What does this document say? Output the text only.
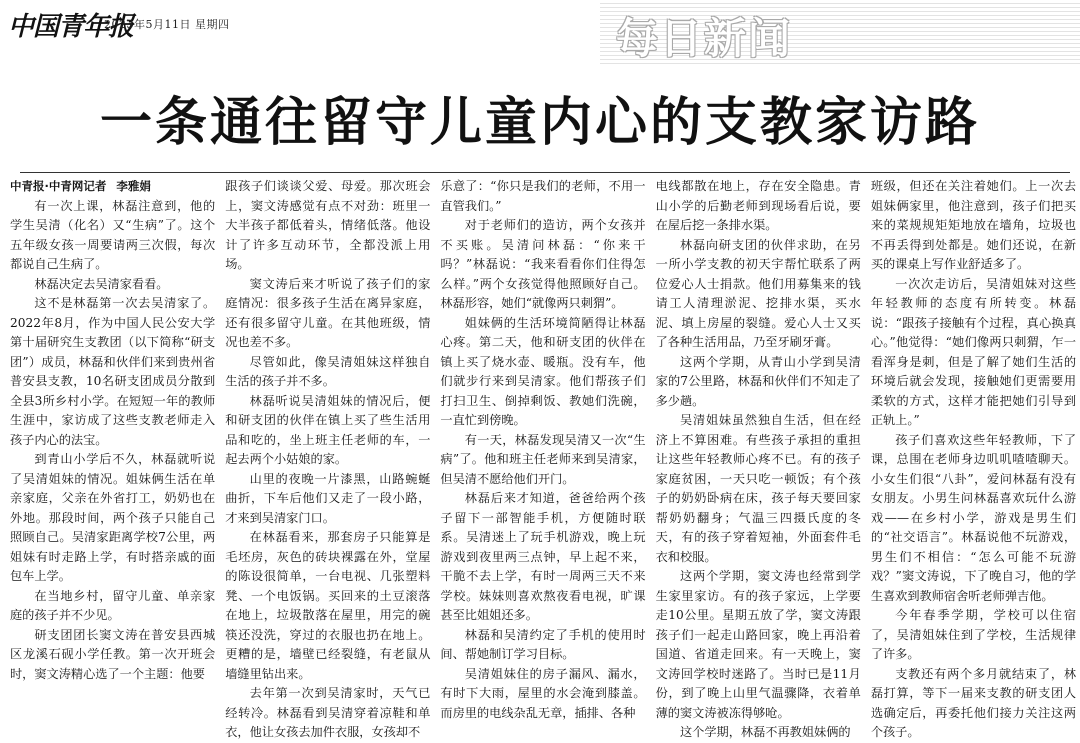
中国青年报
2023年5月11日 星期四	每日新闻
一条通往留守儿童内心的支教家访路

中青报·中青网记者 李雅娟

有一次上课，林磊注意到，他的学生吴清（化名）又“生病”了。这个五年级女孩一周要请两三次假，每次都说自己生病了。

林磊决定去吴清家看看。

这不是林磊第一次去吴清家了。2022年8月，作为中国人民公安大学第十届研究生支教团（以下简称“研支团”）成员，林磊和伙伴们来到贵州省普安县支教，10名研支团成员分散到全县3所乡村小学。在短短一年的教师生涯中，家访成了这些支教老师走入孩子内心的法宝。

到青山小学后不久，林磊就听说了吴清姐妹的情况。姐妹俩生活在单亲家庭，父亲在外省打工，奶奶也在外地。那段时间，两个孩子只能自己照顾自己。吴清家距离学校7公里，两姐妹有时走路上学，有时搭亲戚的面包车上学。

在当地乡村，留守儿童、单亲家庭的孩子并不少见。

研支团团长窦文涛在普安县西城区龙溪石砚小学任教。第一次开班会时，窦文涛精心选了一个主题：他要

跟孩子们谈谈父爱、母爱。那次班会上，窦文涛感觉有点不对劲：班里一大半孩子都低着头，情绪低落。他设计了许多互动环节，全都没派上用场。

窦文涛后来才听说了孩子们的家庭情况：很多孩子生活在离异家庭，还有很多留守儿童。在其他班级，情况也差不多。

尽管如此，像吴清姐妹这样独自生活的孩子并不多。

林磊听说吴清姐妹的情况后，便和研支团的伙伴在镇上买了些生活用品和吃的，坐上班主任老师的车，一起去两个小姑娘的家。

山里的夜晚一片漆黑，山路蜿蜒曲折，下车后他们又走了一段小路，才来到吴清家门口。

在林磊看来，那套房子只能算是毛坯房，灰色的砖块裸露在外，堂屋的陈设很简单，一台电视、几张塑料凳、一个电饭锅。买回来的土豆滚落在地上，垃圾散落在屋里，用完的碗筷还没洗，穿过的衣服也扔在地上。更糟的是，墙壁已经裂缝，有老鼠从墙缝里钻出来。

去年第一次到吴清家时，天气已经转冷。林磊看到吴清穿着凉鞋和单衣，他让女孩去加件衣服，女孩却不

乐意了：“你只是我们的老师，不用一直管我们。”

对于老师们的造访，两个女孩并不买账。吴清问林磊：“你来干吗？”林磊说：“我来看看你们住得怎么样。”两个女孩觉得他照顾好自己。林磊形容，她们“就像两只刺猬”。

姐妹俩的生活环境简陋得让林磊心疼。第二天，他和研支团的伙伴在镇上买了烧水壶、暖瓶。没有车，他们就步行来到吴清家。他们帮孩子们打扫卫生、倒掉剩饭、教她们洗碗，一直忙到傍晚。

有一天，林磊发现吴清又一次“生病”了。他和班主任老师来到吴清家，但吴清不愿给他们开门。

林磊后来才知道，爸爸给两个孩子留下一部智能手机，方便随时联系。吴清迷上了玩手机游戏，晚上玩游戏到夜里两三点钟，早上起不来，干脆不去上学，有时一周两三天不来学校。妹妹则喜欢熬夜看电视，旷课甚至比姐姐还多。

林磊和吴清约定了手机的使用时间、帮她制订学习目标。

吴清姐妹住的房子漏风、漏水，有时下大雨，屋里的水会淹到膝盖。而房里的电线杂乱无章，插排、各种

电线都散在地上，存在安全隐患。青山小学的后勤老师到现场看后说，要在屋后挖一条排水渠。

林磊向研支团的伙伴求助，在另一所小学支教的初天宇帮忙联系了两位爱心人士捐款。他们用募集来的钱请工人清理淤泥、挖排水渠，买水泥、填上房屋的裂缝。爱心人士又买了各种生活用品，乃至牙刷牙膏。

这两个学期，从青山小学到吴清家的7公里路，林磊和伙伴们不知走了多少趟。

吴清姐妹虽然独自生活，但在经济上不算困难。有些孩子承担的重担让这些年轻教师心疼不已。有的孩子家庭贫困，一天只吃一顿饭；有个孩子的奶奶卧病在床，孩子每天要回家帮奶奶翻身；气温三四摄氏度的冬天，有的孩子穿着短袖，外面套件毛衣和校服。

这两个学期，窦文涛也经常到学生家里家访。有的孩子家远，上学要走10公里。星期五放了学，窦文涛跟孩子们一起走山路回家，晚上再沿着国道、省道走回来。有一天晚上，窦文涛回学校时迷路了。当时已是11月份，到了晚上山里气温骤降，衣着单薄的窦文涛被冻得够呛。

这个学期，林磊不再教姐妹俩的

班级，但还在关注着她们。上一次去姐妹俩家里，他注意到，孩子们把买来的菜规规矩矩地放在墙角，垃圾也不再丢得到处都是。她们还说，在新买的课桌上写作业舒适多了。

一次次走访后，吴清姐妹对这些年轻教师的态度有所转变。林磊说：“跟孩子接触有个过程，真心换真心。”他觉得：“她们像两只刺猬，乍一看浑身是刺，但是了解了她们生活的环境后就会发现，接触她们更需要用柔软的方式，这样才能把她们引导到正轨上。”

孩子们喜欢这些年轻教师，下了课，总围在老师身边叽叽喳喳聊天。小女生们很“八卦”，爱问林磊有没有女朋友。小男生问林磊喜欢玩什么游戏——在乡村小学，游戏是男生们的“社交语言”。林磊说他不玩游戏，男生们不相信：“怎么可能不玩游戏？”窦文涛说，下了晚自习，他的学生喜欢到教师宿舍听老师弹吉他。

今年春季学期，学校可以住宿了，吴清姐妹住到了学校，生活规律了许多。

支教还有两个多月就结束了，林磊打算，等下一届来支教的研支团人选确定后，再委托他们接力关注这两个孩子。
